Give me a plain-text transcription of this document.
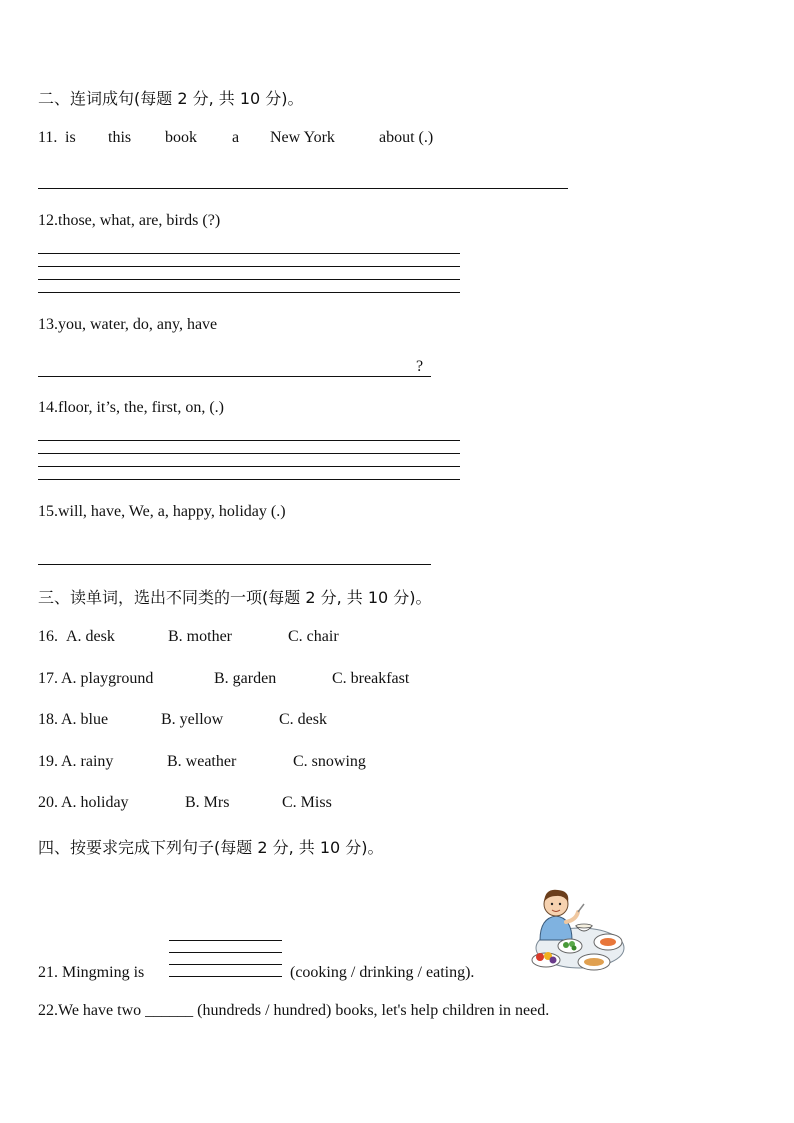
二、连词成句(每题 2 分, 共 10 分)。
11. is this book a New York	about (.)
12.those, what, are, birds (?)
13.you, water, do, any, have
?
14.floor, it’s, the, first, on, (.)
15.will, have, We, a, happy, holiday (.)
三、读单词，选出不同类的一项(每题 2 分, 共 10 分)。
16. A. desk	B. mother	C. chair
17. A. playground	B. garden	C. breakfast
18. A. blue	B. yellow	C. desk
19. A. rainy	B. weather	C. snowing
20. A. holiday	B. Mrs	C. Miss
四、按要求完成下列句子(每题 2 分, 共 10 分)。
21. Mingming is	(cooking / drinking / eating).
22.We have two ______ (hundreds / hundred) books, let's help children in need.
